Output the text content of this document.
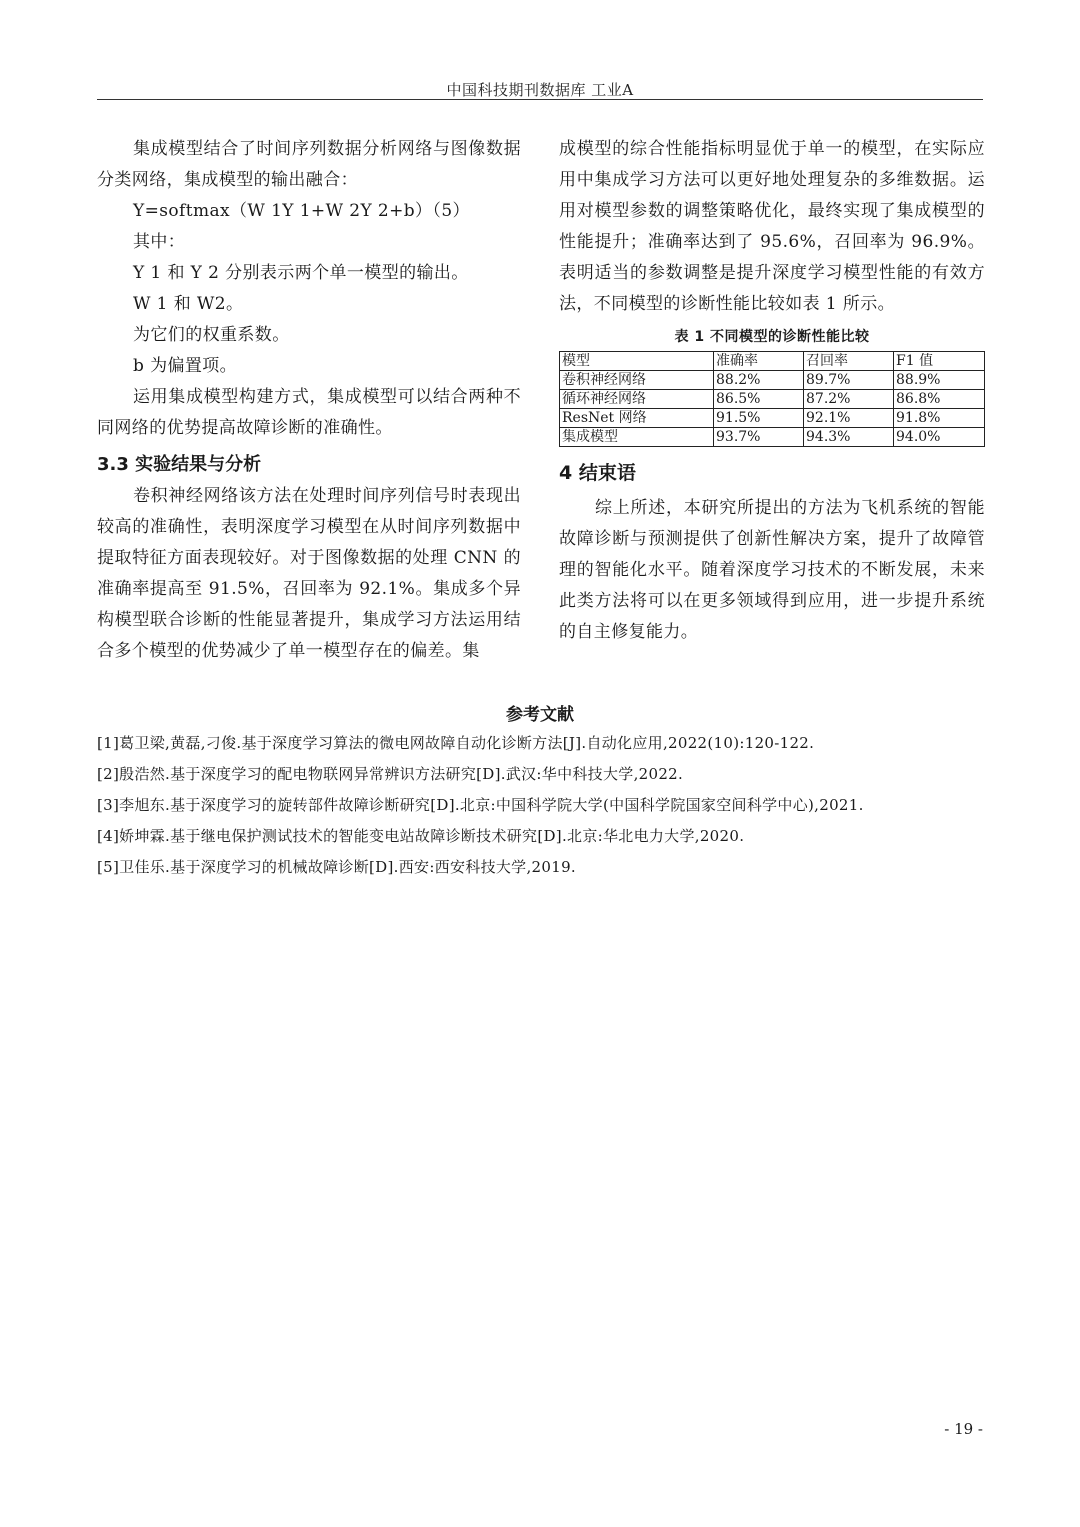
中国科技期刊数据库 工业A

集成模型结合了时间序列数据分析网络与图像数据分类网络，集成模型的输出融合：

Y=softmax（W 1Y 1+W 2Y 2+b）（5）

其中：

Y 1 和 Y 2 分别表示两个单一模型的输出。

W 1 和 W2。

为它们的权重系数。

b 为偏置项。

运用集成模型构建方式，集成模型可以结合两种不同网络的优势提高故障诊断的准确性。

3.3 实验结果与分析

卷积神经网络该方法在处理时间序列信号时表现出较高的准确性，表明深度学习模型在从时间序列数据中提取特征方面表现较好。对于图像数据的处理 CNN 的准确率提高至 91.5%，召回率为 92.1%。集成多个异构模型联合诊断的性能显著提升，集成学习方法运用结合多个模型的优势减少了单一模型存在的偏差。集

成模型的综合性能指标明显优于单一的模型，在实际应用中集成学习方法可以更好地处理复杂的多维数据。运用对模型参数的调整策略优化，最终实现了集成模型的性能提升；准确率达到了 95.6%，召回率为 96.9%。表明适当的参数调整是提升深度学习模型性能的有效方法，不同模型的诊断性能比较如表 1 所示。

表 1 不同模型的诊断性能比较
模型	准确率	召回率	F1 值
卷积神经网络	88.2%	89.7%	88.9%
循环神经网络	86.5%	87.2%	86.8%
ResNet 网络	91.5%	92.1%	91.8%
集成模型	93.7%	94.3%	94.0%
4 结束语

综上所述，本研究所提出的方法为飞机系统的智能故障诊断与预测提供了创新性解决方案，提升了故障管理的智能化水平。随着深度学习技术的不断发展，未来此类方法将可以在更多领域得到应用，进一步提升系统的自主修复能力。

参考文献

[1]葛卫梁,黄磊,刁俊.基于深度学习算法的微电网故障自动化诊断方法[J].自动化应用,2022(10):120-122.

[2]殷浩然.基于深度学习的配电物联网异常辨识方法研究[D].武汉:华中科技大学,2022.

[3]李旭东.基于深度学习的旋转部件故障诊断研究[D].北京:中国科学院大学(中国科学院国家空间科学中心),2021.

[4]娇坤霖.基于继电保护测试技术的智能变电站故障诊断技术研究[D].北京:华北电力大学,2020.

[5]卫佳乐.基于深度学习的机械故障诊断[D].西安:西安科技大学,2019.

- 19 -
